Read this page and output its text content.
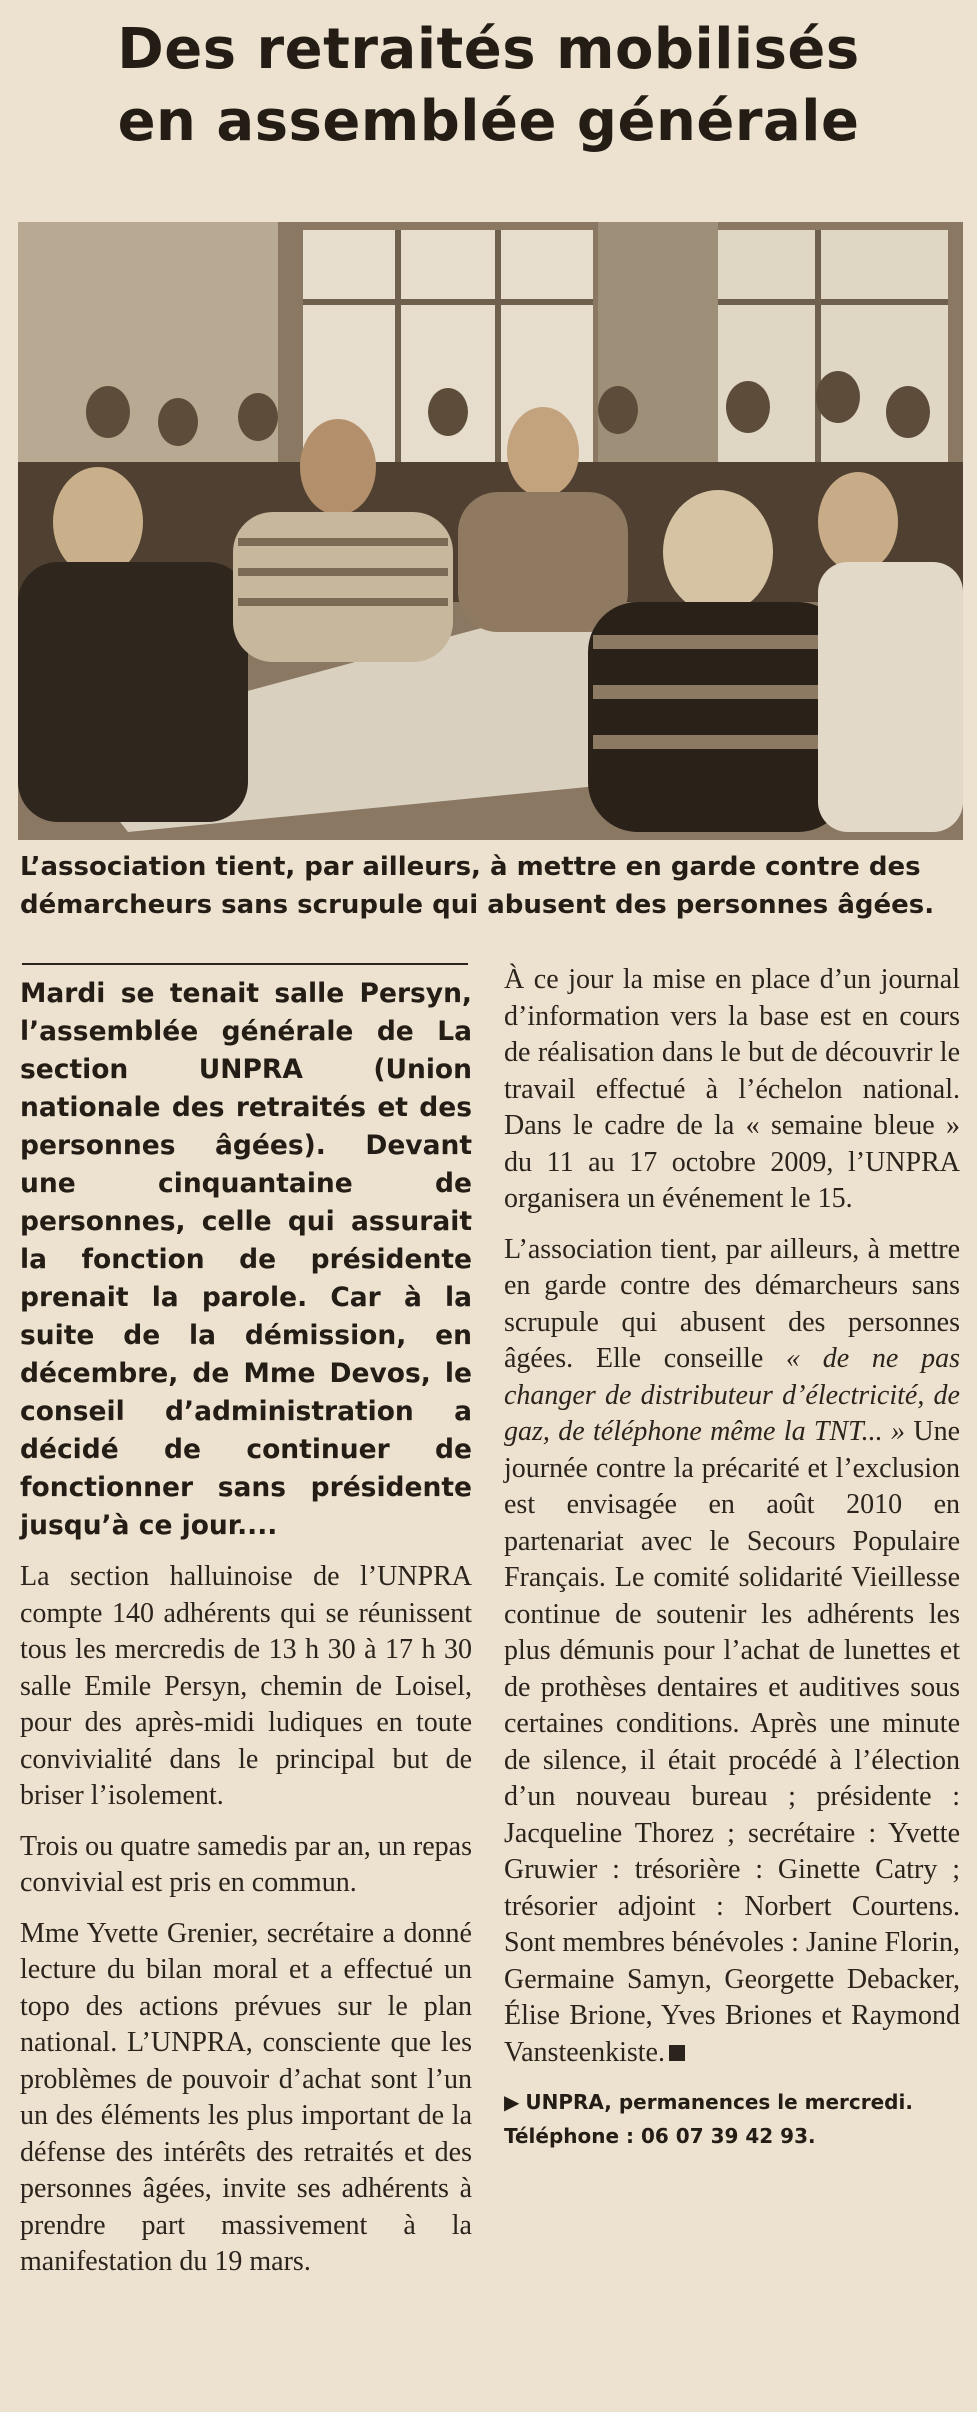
Des retraités mobilisés
en assemblée générale
L’association tient, par ailleurs, à mettre en garde contre des démarcheurs sans scrupule qui abusent des personnes âgées.

Mardi se tenait salle Persyn, l’assemblée générale de La section UNPRA (Union nationale des retraités et des personnes âgées). Devant une cinquantaine de personnes, celle qui assurait la fonction de présidente prenait la parole. Car à la suite de la démission, en décembre, de Mme Devos, le conseil d’administration a décidé de continuer de fonctionner sans présidente jusqu’à ce jour....

La section halluinoise de l’UNPRA compte 140 adhérents qui se réunissent tous les mercredis de 13 h 30 à 17 h 30 salle Emile Persyn, chemin de Loisel, pour des après-midi ludiques en toute convivialité dans le principal but de briser l’isolement.

Trois ou quatre samedis par an, un repas convivial est pris en commun.

Mme Yvette Grenier, secrétaire a donné lecture du bilan moral et a effectué un topo des actions prévues sur le plan national. L’UNPRA, consciente que les problèmes de pouvoir d’achat sont l’un un des éléments les plus important de la défense des intérêts des retraités et des personnes âgées, invite ses adhérents à prendre part massivement à la manifestation du 19 mars.

À ce jour la mise en place d’un journal d’information vers la base est en cours de réalisation dans le but de découvrir le travail effectué à l’échelon national. Dans le cadre de la « semaine bleue » du 11 au 17 octobre 2009, l’UNPRA organisera un événement le 15.

L’association tient, par ailleurs, à mettre en garde contre des démarcheurs sans scrupule qui abusent des personnes âgées. Elle conseille « de ne pas changer de distributeur d’électricité, de gaz, de téléphone même la TNT... » Une journée contre la précarité et l’exclusion est envisagée en août 2010 en partenariat avec le Secours Populaire Français. Le comité solidarité Vieillesse continue de soutenir les adhérents les plus démunis pour l’achat de lunettes et de prothèses dentaires et auditives sous certaines conditions. Après une minute de silence, il était procédé à l’élection d’un nouveau bureau ; présidente : Jacqueline Thorez ; secrétaire : Yvette Gruwier : trésorière : Ginette Catry ; trésorier adjoint : Norbert Courtens. Sont membres bénévoles : Janine Florin, Germaine Samyn, Georgette Debacker, Élise Brione, Yves Briones et Raymond Vansteenkiste.

▶ UNPRA, permanences le mercredi.
Téléphone : 06 07 39 42 93.
